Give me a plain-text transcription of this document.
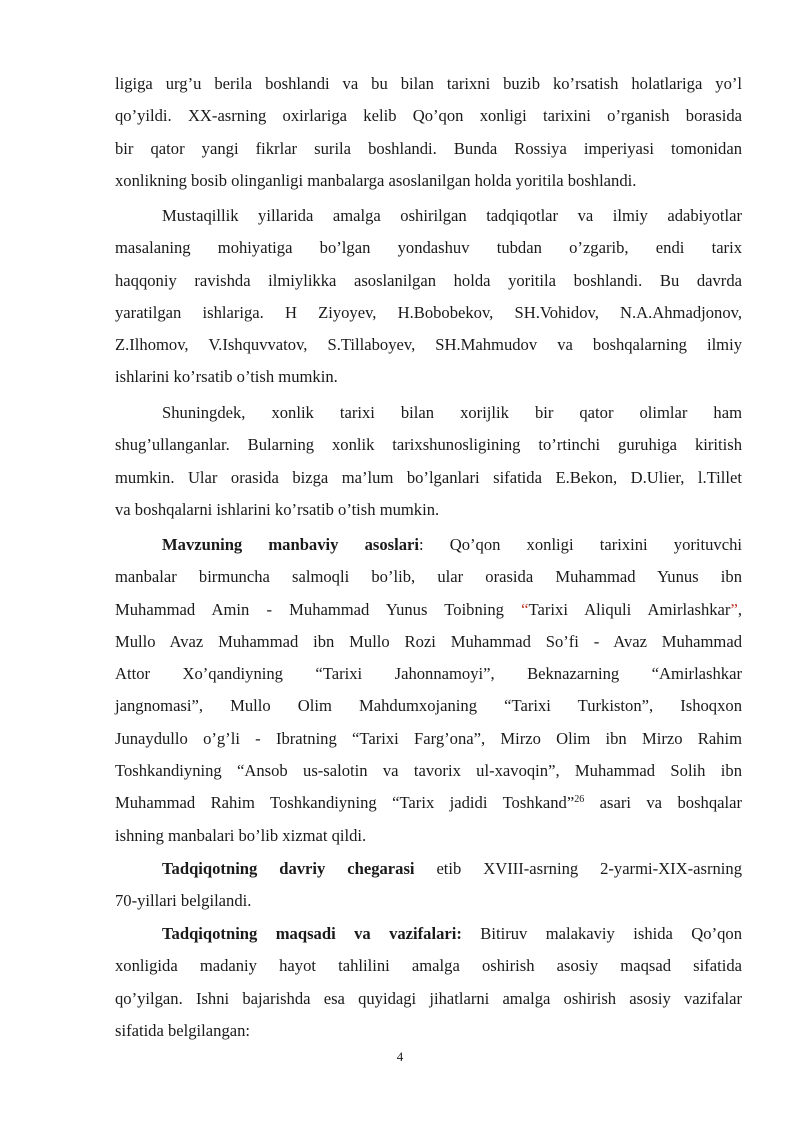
ligiga urg’u berila boshlandi va bu bilan tarixni buzib ko’rsatish holatlariga yo’l
qo’yildi. XX-asrning oxirlariga kelib Qo’qon xonligi tarixini o’rganish borasida
bir qator yangi fikrlar surila boshlandi. Bunda Rossiya imperiyasi tomonidan
xonlikning bosib olinganligi manbalarga asoslanilgan holda yoritila boshlandi.
Mustaqillik yillarida amalga oshirilgan tadqiqotlar va ilmiy adabiyotlar
masalaning mohiyatiga bo’lgan yondashuv tubdan o’zgarib, endi tarix
haqqoniy ravishda ilmiylikka asoslanilgan holda yoritila boshlandi. Bu davrda
yaratilgan ishlariga. H Ziyoyev, H.Bobobekov, SH.Vohidov, N.A.Ahmadjonov,
Z.Ilhomov, V.Ishquvvatov, S.Tillaboyev, SH.Mahmudov va boshqalarning ilmiy
ishlarini ko’rsatib o’tish mumkin.
Shuningdek, xonlik tarixi bilan xorijlik bir qator olimlar ham
shug’ullanganlar. Bularning xonlik tarixshunosligining to’rtinchi guruhiga kiritish
mumkin. Ular orasida bizga ma’lum bo’lganlari sifatida E.Bekon, D.Ulier, l.Tillet
va boshqalarni ishlarini ko’rsatib o’tish mumkin.
Mavzuning manbaviy asoslari: Qo’qon xonligi tarixini yorituvchi
manbalar birmuncha salmoqli bo’lib, ular orasida Muhammad Yunus ibn
Muhammad Amin - Muhammad Yunus Toibning “Tarixi Aliquli Amirlashkar”,
Mullo Avaz Muhammad ibn Mullo Rozi Muhammad So’fi - Avaz Muhammad
Attor Xo’qandiyning “Tarixi Jahonnamoyi”, Beknazarning “Amirlashkar
jangnomasi”, Mullo Olim Mahdumxojaning “Tarixi Turkiston”, Ishoqxon
Junaydullo o’g’li - Ibratning “Tarixi Farg’ona”, Mirzo Olim ibn Mirzo Rahim
Toshkandiyning “Ansob us-salotin va tavorix ul-xavoqin”, Muhammad Solih ibn
Muhammad Rahim Toshkandiyning “Tarix jadidi Toshkand”$^{26}$ asari va boshqalar
ishning manbalari bo’lib xizmat qildi.
Tadqiqotning davriy chegarasi etib XVIII-asrning 2-yarmi-XIX-asrning
70-yillari belgilandi.
Tadqiqotning maqsadi va vazifalari: Bitiruv malakaviy ishida Qo’qon
xonligida madaniy hayot tahlilini amalga oshirish asosiy maqsad sifatida
qo’yilgan. Ishni bajarishda esa quyidagi jihatlarni amalga oshirish asosiy vazifalar
sifatida belgilangan:
4
